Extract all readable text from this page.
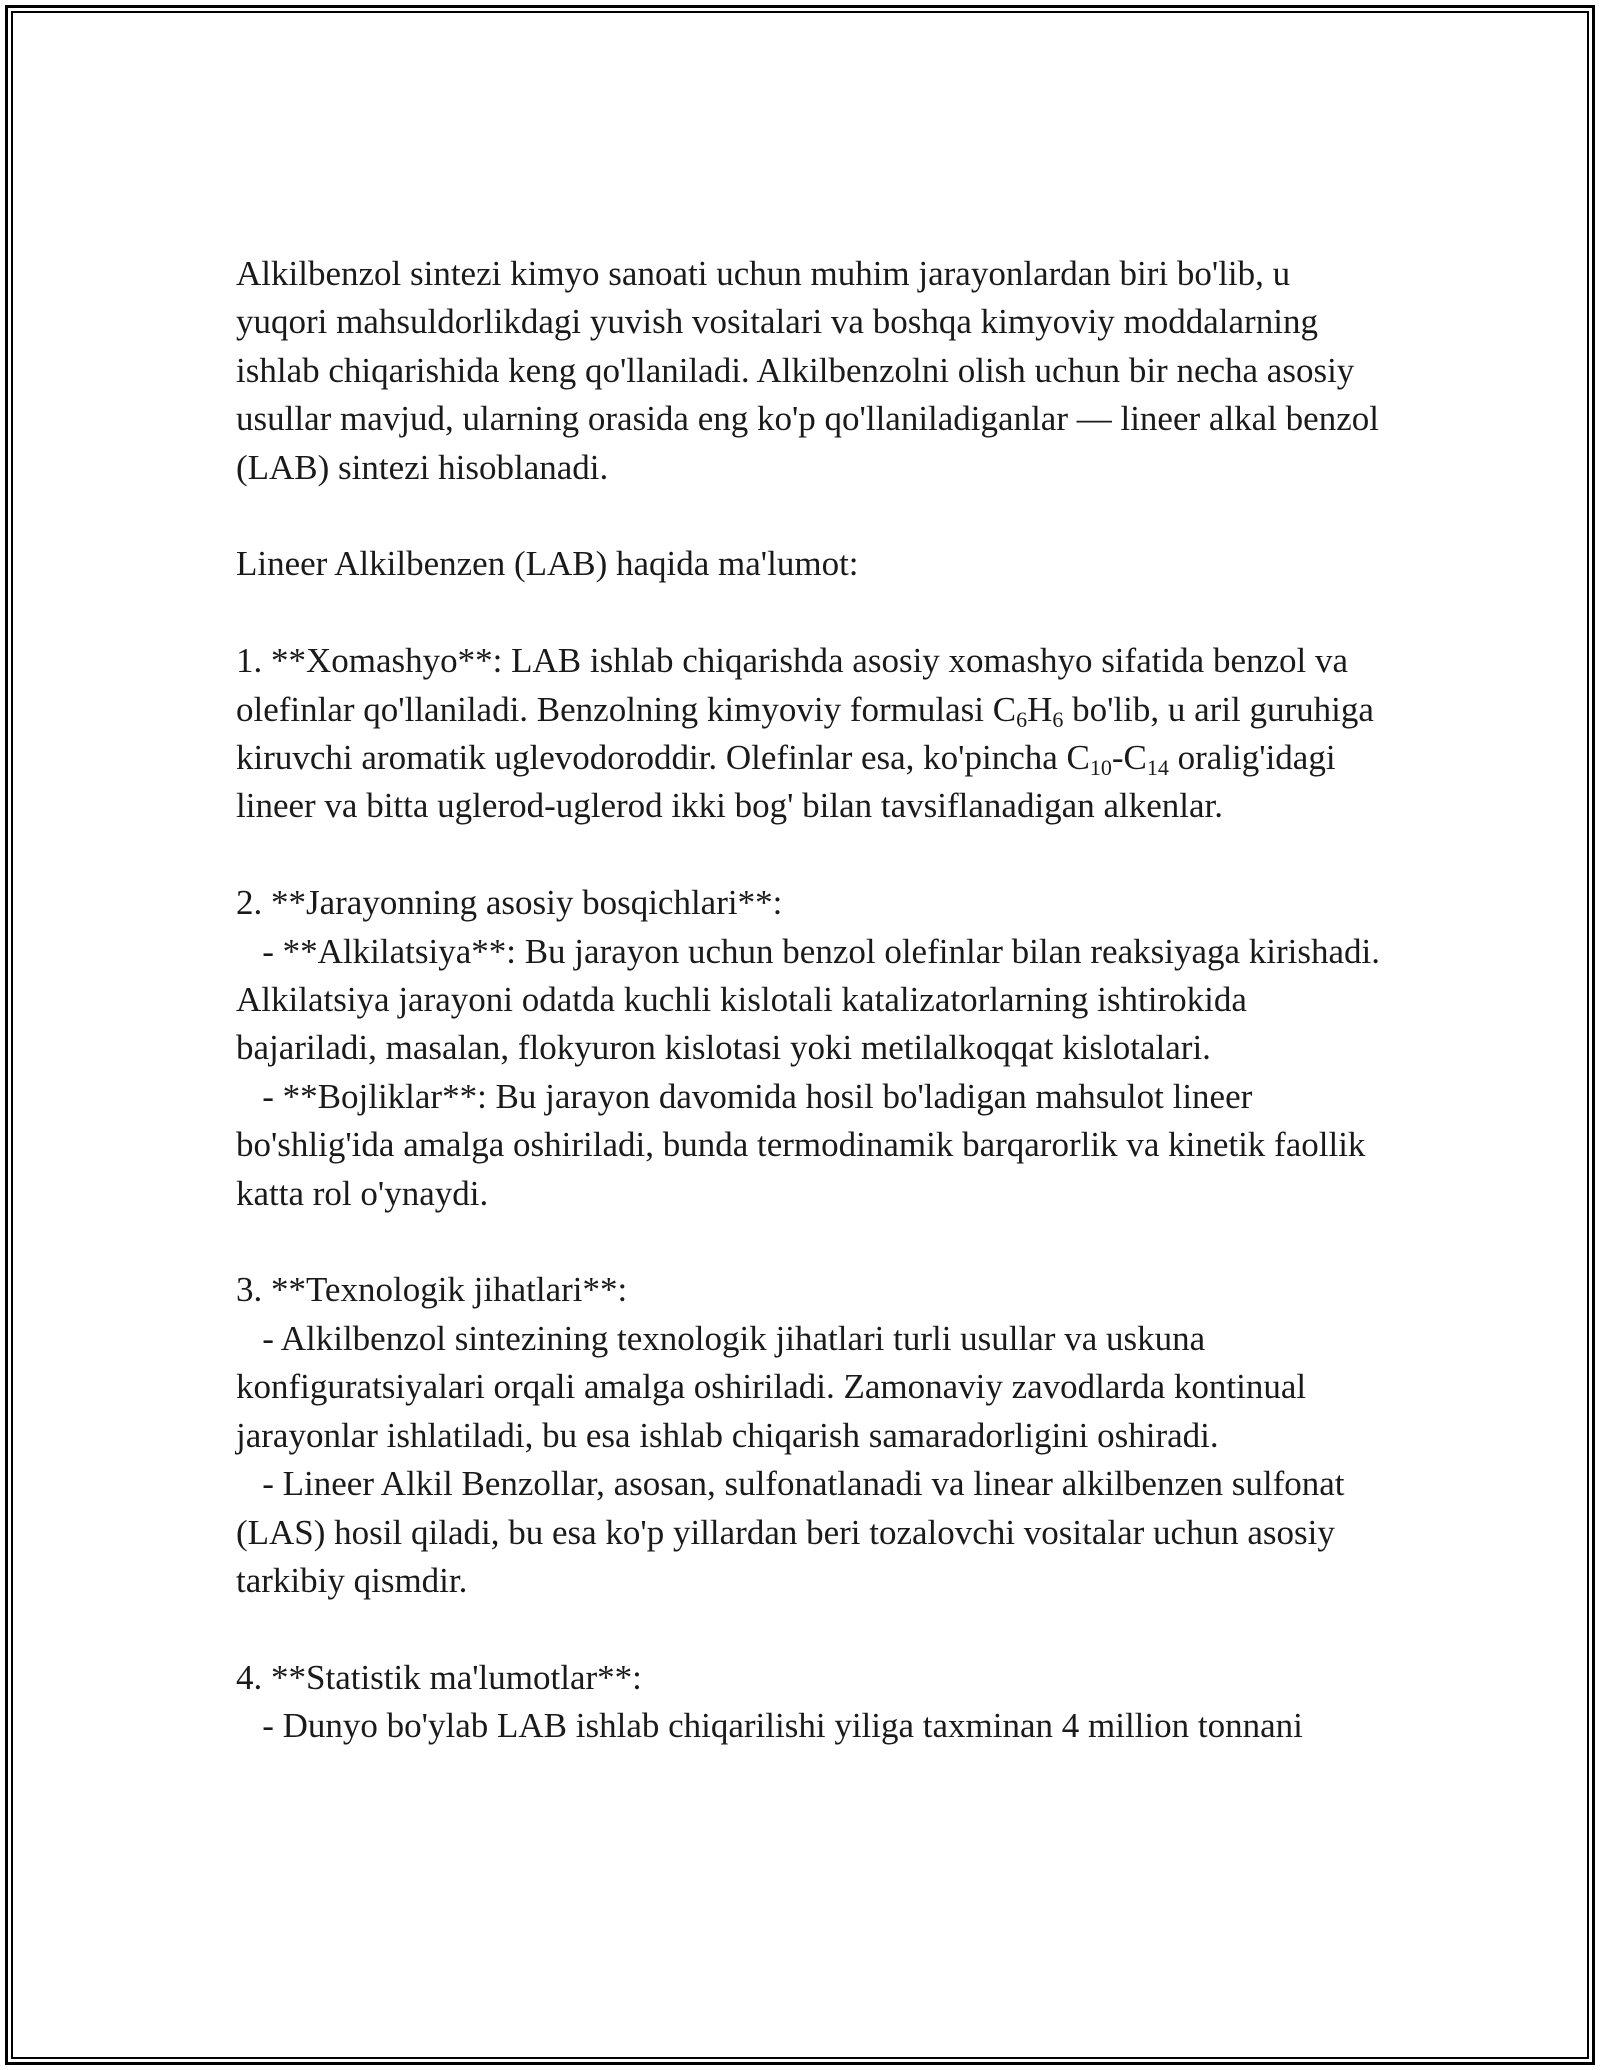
Alkilbenzol sintezi kimyo sanoati uchun muhim jarayonlardan biri bo'lib, u yuqori mahsuldorlikdagi yuvish vositalari va boshqa kimyoviy moddalarning ishlab chiqarishida keng qo'llaniladi. Alkilbenzolni olish uchun bir necha asosiy usullar mavjud, ularning orasida eng ko'p qo'llaniladiganlar — lineer alkal benzol (LAB) sintezi hisoblanadi.

Lineer Alkilbenzen (LAB) haqida ma'lumot:

1. **Xomashyo**: LAB ishlab chiqarishda asosiy xomashyo sifatida benzol va olefinlar qo'llaniladi. Benzolning kimyoviy formulasi $C_6H_6$ bo'lib, u aril guruhiga kiruvchi aromatik uglevodoroddir. Olefinlar esa, ko'pincha $C_{10}-C_{14}$ oralig'idagi lineer va bitta uglerod-uglerod ikki bog' bilan tavsiflanadigan alkenlar.

2. **Jarayonning asosiy bosqichlari**:

- **Alkilatsiya**: Bu jarayon uchun benzol olefinlar bilan reaksiyaga kirishadi. Alkilatsiya jarayoni odatda kuchli kislotali katalizatorlarning ishtirokida bajariladi, masalan, flokyuron kislotasi yoki metilalkoqqat kislotalari.

- **Bojliklar**: Bu jarayon davomida hosil bo'ladigan mahsulot lineer bo'shlig'ida amalga oshiriladi, bunda termodinamik barqarorlik va kinetik faollik katta rol o'ynaydi.

3. **Texnologik jihatlari**:

- Alkilbenzol sintezining texnologik jihatlari turli usullar va uskuna konfiguratsiyalari orqali amalga oshiriladi. Zamonaviy zavodlarda kontinual jarayonlar ishlatiladi, bu esa ishlab chiqarish samaradorligini oshiradi.

- Lineer Alkil Benzollar, asosan, sulfonatlanadi va linear alkilbenzen sulfonat (LAS) hosil qiladi, bu esa ko'p yillardan beri tozalovchi vositalar uchun asosiy tarkibiy qismdir.

4. **Statistik ma'lumotlar**:

- Dunyo bo'ylab LAB ishlab chiqarilishi yiliga taxminan 4 million tonnani
